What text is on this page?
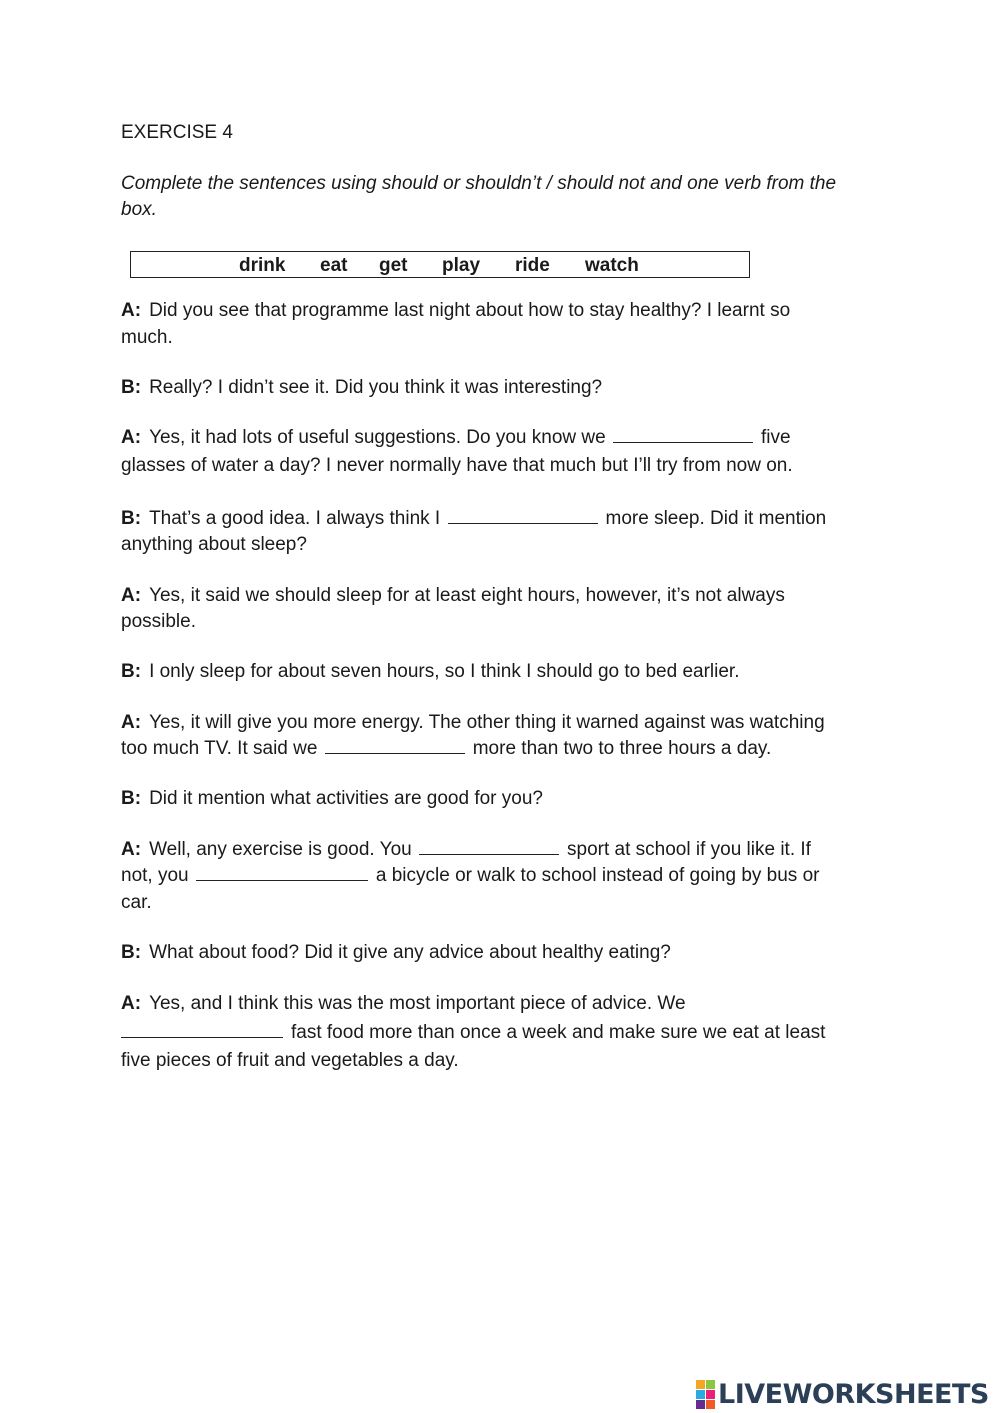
EXERCISE 4
Complete the sentences using should or shouldn’t / should not and one verb from the
box.
drink eat get play ride watch
A: Did you see that programme last night about how to stay healthy? I learnt so
much.
B: Really? I didn’t see it. Did you think it was interesting?
A: Yes, it had lots of useful suggestions. Do you know we	five
glasses of water a day? I never normally have that much but I’ll try from now on.
B: That’s a good idea. I always think I	more sleep. Did it mention
anything about sleep?
A: Yes, it said we should sleep for at least eight hours, however, it’s not always
possible.
B: I only sleep for about seven hours, so I think I should go to bed earlier.
A: Yes, it will give you more energy. The other thing it warned against was watching
too much TV. It said we	more than two to three hours a day.
B: Did it mention what activities are good for you?
A: Well, any exercise is good. You	sport at school if you like it. If
not, you	a bicycle or walk to school instead of going by bus or
car.
B: What about food? Did it give any advice about healthy eating?
A: Yes, and I think this was the most important piece of advice. We
fast food more than once a week and make sure we eat at least
five pieces of fruit and vegetables a day.
LIVEWORKSHEETS
